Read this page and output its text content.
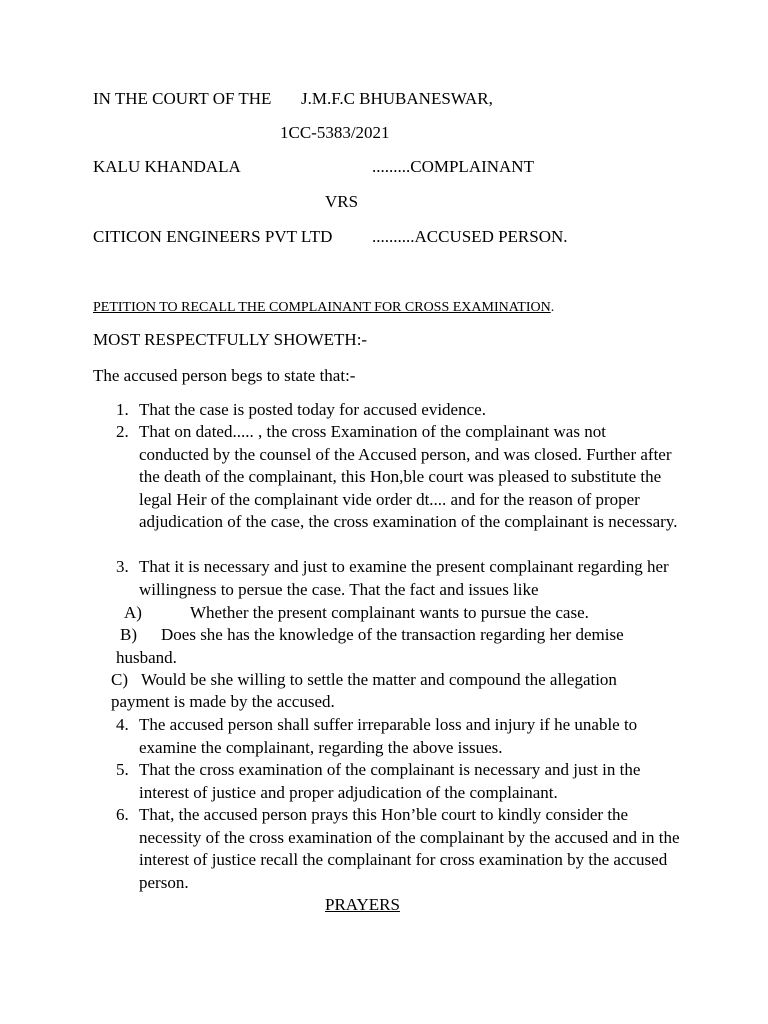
IN THE COURT OF THE J.M.F.C BHUBANESWAR,
1CC-5383/2021
KALU KHANDALA	.........COMPLAINANT
VRS
CITICON ENGINEERS PVT LTD ..........ACCUSED PERSON.
PETITION TO RECALL THE COMPLAINANT FOR CROSS EXAMINATION.
MOST RESPECTFULLY SHOWETH:-
The accused person begs to state that:-
1. That the case is posted today for accused evidence.
2. That on dated..... , the cross Examination of the complainant was not conducted by the counsel of the Accused person, and was closed. Further after the death of the complainant, this Hon,ble court was pleased to substitute the legal Heir of the complainant vide order dt.... and for the reason of proper adjudication of the case, the cross examination of the complainant is necessary.
3. That it is necessary and just to examine the present complainant regarding her willingness to persue the case. That the fact and issues like
A)	Whether the present complainant wants to pursue the case.
B) Does she has the knowledge of the transaction regarding her demise
husband.
C) Would be she willing to settle the matter and compound the allegation
payment is made by the accused.
4. The accused person shall suffer irreparable loss and injury if he unable to examine the complainant, regarding the above issues.
5. That the cross examination of the complainant is necessary and just in the interest of justice and proper adjudication of the complainant.
6. That, the accused person prays this Hon’ble court to kindly consider the necessity of the cross examination of the complainant by the accused and in the interest of justice recall the complainant for cross examination by the accused person.
PRAYERS
